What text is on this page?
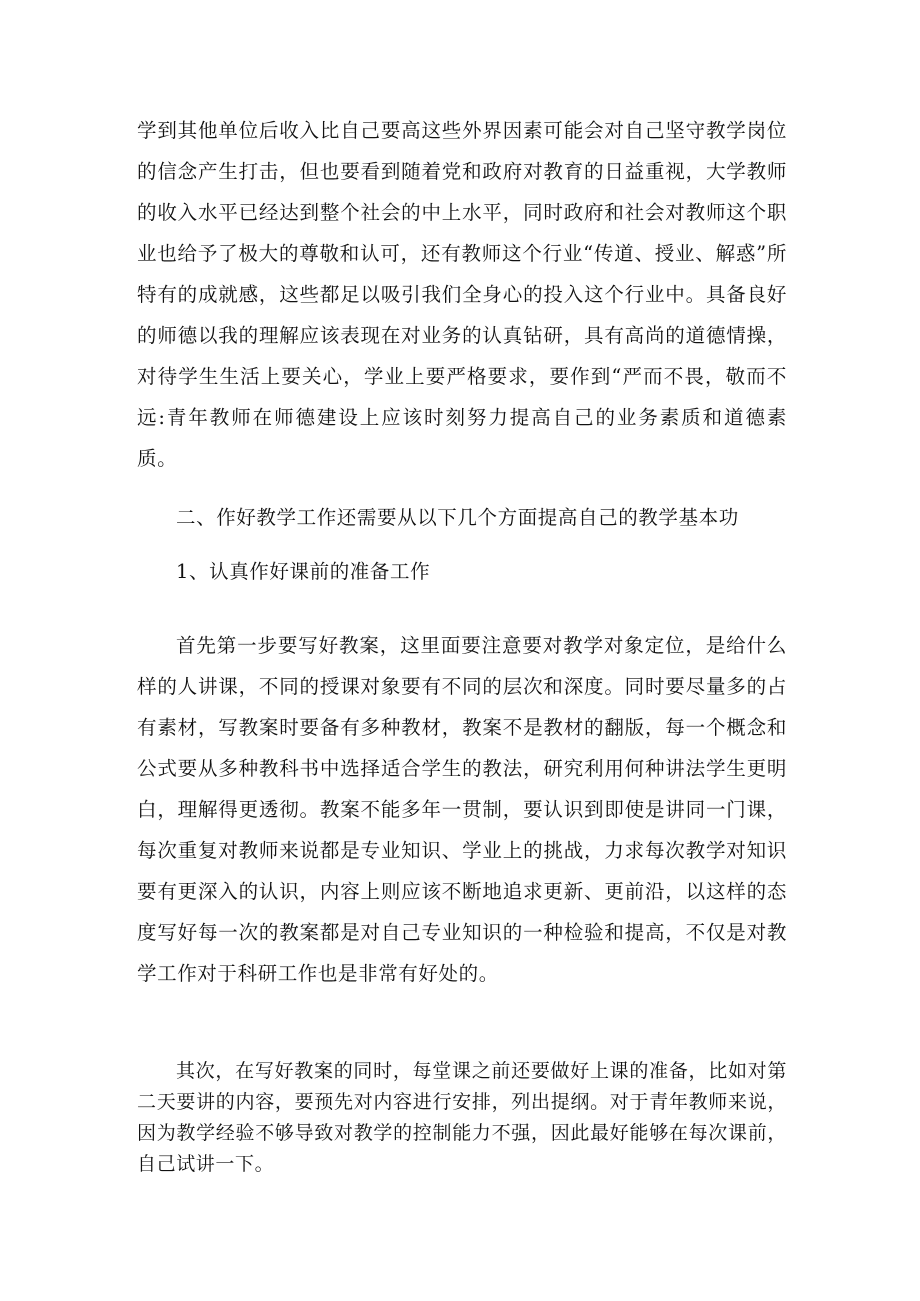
学到其他单位后收入比自己要高这些外界因素可能会对自己坚守教学岗位的信念产生打击，但也要看到随着党和政府对教育的日益重视，大学教师的收入水平已经达到整个社会的中上水平，同时政府和社会对教师这个职业也给予了极大的尊敬和认可，还有教师这个行业“传道、授业、解惑”所特有的成就感，这些都足以吸引我们全身心的投入这个行业中。具备良好的师德以我的理解应该表现在对业务的认真钻研，具有高尚的道德情操，对待学生生活上要关心，学业上要严格要求，要作到“严而不畏，敬而不远:青年教师在师德建设上应该时刻努力提高自己的业务素质和道德素质。

二、作好教学工作还需要从以下几个方面提高自己的教学基本功

1、认真作好课前的准备工作

首先第一步要写好教案，这里面要注意要对教学对象定位，是给什么样的人讲课，不同的授课对象要有不同的层次和深度。同时要尽量多的占有素材，写教案时要备有多种教材，教案不是教材的翻版，每一个概念和公式要从多种教科书中选择适合学生的教法，研究利用何种讲法学生更明白，理解得更透彻。教案不能多年一贯制，要认识到即使是讲同一门课，每次重复对教师来说都是专业知识、学业上的挑战，力求每次教学对知识要有更深入的认识，内容上则应该不断地追求更新、更前沿，以这样的态度写好每一次的教案都是对自己专业知识的一种检验和提高，不仅是对教学工作对于科研工作也是非常有好处的。

其次，在写好教案的同时，每堂课之前还要做好上课的准备，比如对第二天要讲的内容，要预先对内容进行安排，列出提纲。对于青年教师来说，因为教学经验不够导致对教学的控制能力不强，因此最好能够在每次课前，自己试讲一下。
